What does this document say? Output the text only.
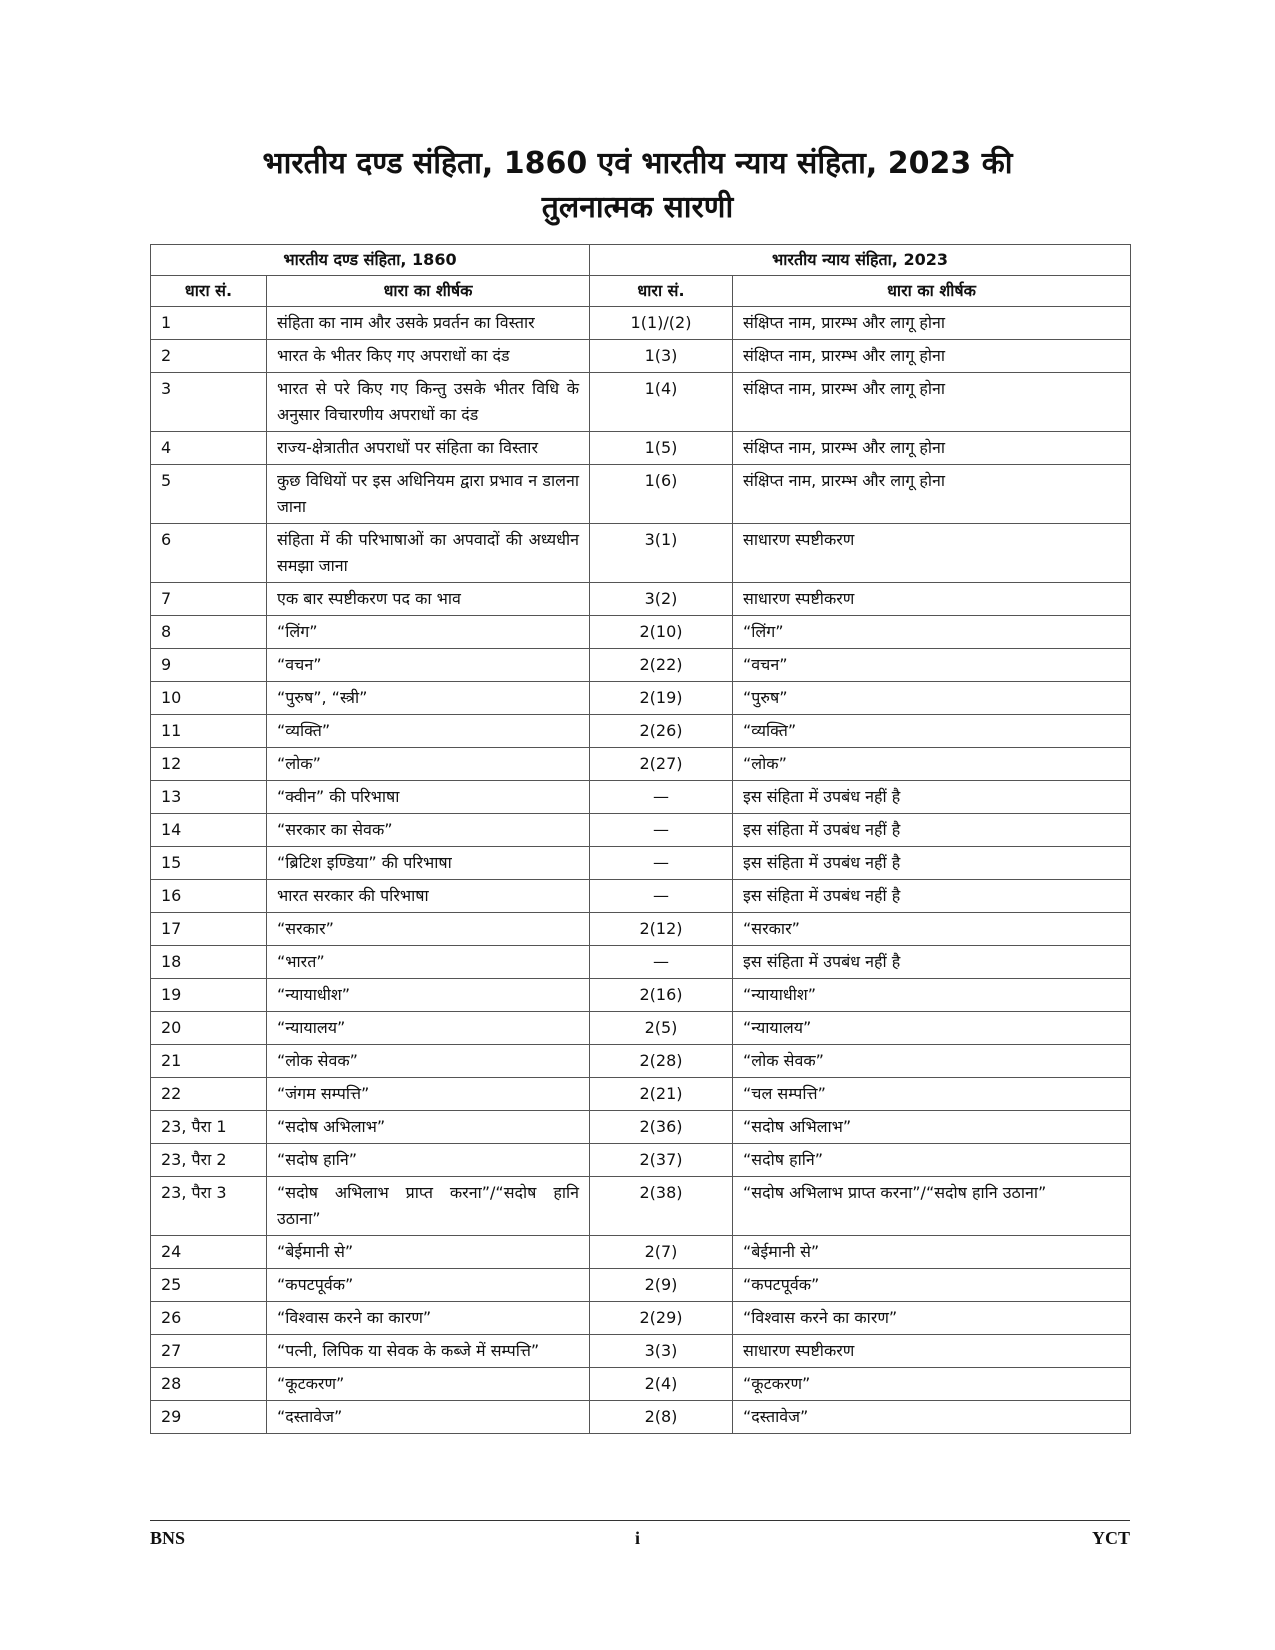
भारतीय दण्ड संहिता, 1860 एवं भारतीय न्याय संहिता, 2023 की
तुलनात्मक सारणी
भारतीय दण्ड संहिता, 1860		भारतीय न्याय संहिता, 2023	
धारा सं.	धारा का शीर्षक	धारा सं.	धारा का शीर्षक
1	संहिता का नाम और उसके प्रवर्तन का विस्तार	1(1)/(2)	संक्षिप्त नाम, प्रारम्भ और लागू होना
2	भारत के भीतर किए गए अपराधों का दंड	1(3)	संक्षिप्त नाम, प्रारम्भ और लागू होना
3	भारत से परे किए गए किन्तु उसके भीतर विधि के अनुसार विचारणीय अपराधों का दंड	1(4)	संक्षिप्त नाम, प्रारम्भ और लागू होना
4	राज्य-क्षेत्रातीत अपराधों पर संहिता का विस्तार	1(5)	संक्षिप्त नाम, प्रारम्भ और लागू होना
5	कुछ विधियों पर इस अधिनियम द्वारा प्रभाव न डालना जाना	1(6)	संक्षिप्त नाम, प्रारम्भ और लागू होना
6	संहिता में की परिभाषाओं का अपवादों की अध्यधीन समझा जाना	3(1)	साधारण स्पष्टीकरण
7	एक बार स्पष्टीकरण पद का भाव	3(2)	साधारण स्पष्टीकरण
8	“लिंग”	2(10)	“लिंग”
9	“वचन”	2(22)	“वचन”
10	“पुरुष”, “स्त्री”	2(19)	“पुरुष”
11	“व्यक्ति”	2(26)	“व्यक्ति”
12	“लोक”	2(27)	“लोक”
13	“क्वीन” की परिभाषा	—	इस संहिता में उपबंध नहीं है
14	“सरकार का सेवक”	—	इस संहिता में उपबंध नहीं है
15	“ब्रिटिश इण्डिया” की परिभाषा	—	इस संहिता में उपबंध नहीं है
16	भारत सरकार की परिभाषा	—	इस संहिता में उपबंध नहीं है
17	“सरकार”	2(12)	“सरकार”
18	“भारत”	—	इस संहिता में उपबंध नहीं है
19	“न्यायाधीश”	2(16)	“न्यायाधीश”
20	“न्यायालय”	2(5)	“न्यायालय”
21	“लोक सेवक”	2(28)	“लोक सेवक”
22	“जंगम सम्पत्ति”	2(21)	“चल सम्पत्ति”
23, पैरा 1	“सदोष अभिलाभ”	2(36)	“सदोष अभिलाभ”
23, पैरा 2	“सदोष हानि”	2(37)	“सदोष हानि”
23, पैरा 3	“सदोष अभिलाभ प्राप्त करना”/“सदोष हानि उठाना”	2(38)	“सदोष अभिलाभ प्राप्त करना”/“सदोष हानि उठाना”
24	“बेईमानी से”	2(7)	“बेईमानी से”
25	“कपटपूर्वक”	2(9)	“कपटपूर्वक”
26	“विश्वास करने का कारण”	2(29)	“विश्वास करने का कारण”
27	“पत्नी, लिपिक या सेवक के कब्जे में सम्पत्ति”	3(3)	साधारण स्पष्टीकरण
28	“कूटकरण”	2(4)	“कूटकरण”
29	“दस्तावेज”	2(8)	“दस्तावेज”
BNS	i	YCT
